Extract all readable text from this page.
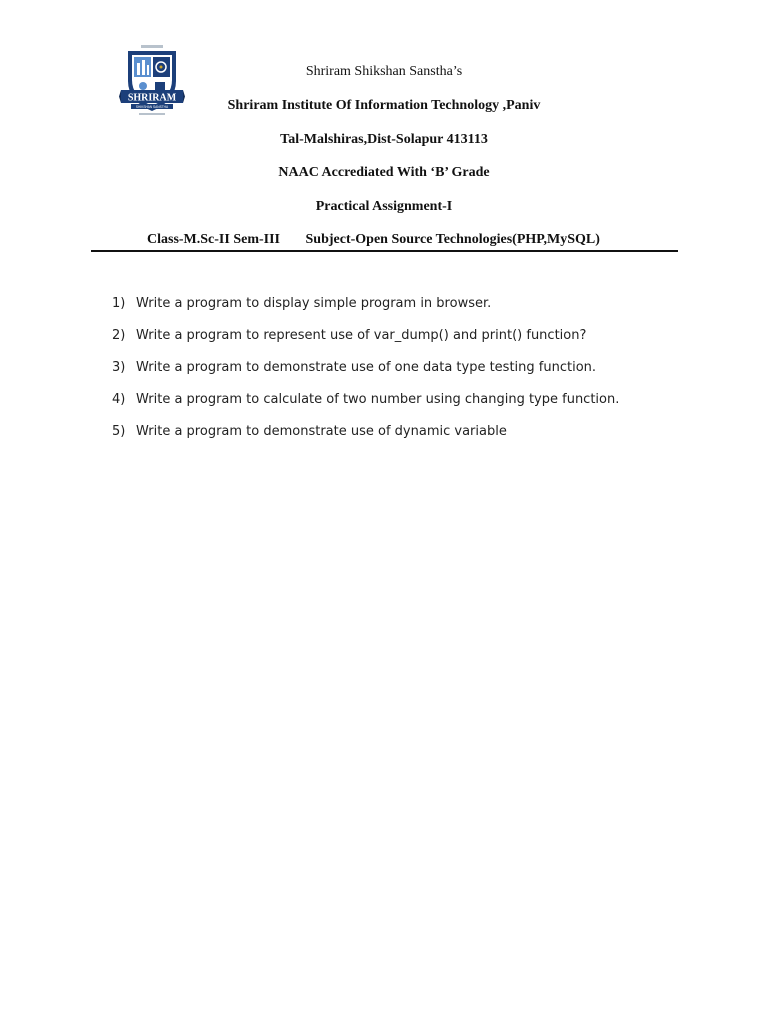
SHRIRAM
SHIKSHAN SANSTHA
Shriram Shikshan Sanstha’s
Shriram Institute Of Information Technology ,Paniv
Tal-Malshiras,Dist-Solapur 413113
NAAC Accrediated With ‘B’ Grade
Practical Assignment-I
Class-M.Sc-II Sem-III Subject-Open Source Technologies(PHP,MySQL)
1) Write a program to display simple program in browser.
2) Write a program to represent use of var_dump() and print() function?
3) Write a program to demonstrate use of one data type testing function.
4) Write a program to calculate of two number using changing type function.
5) Write a program to demonstrate use of dynamic variable
